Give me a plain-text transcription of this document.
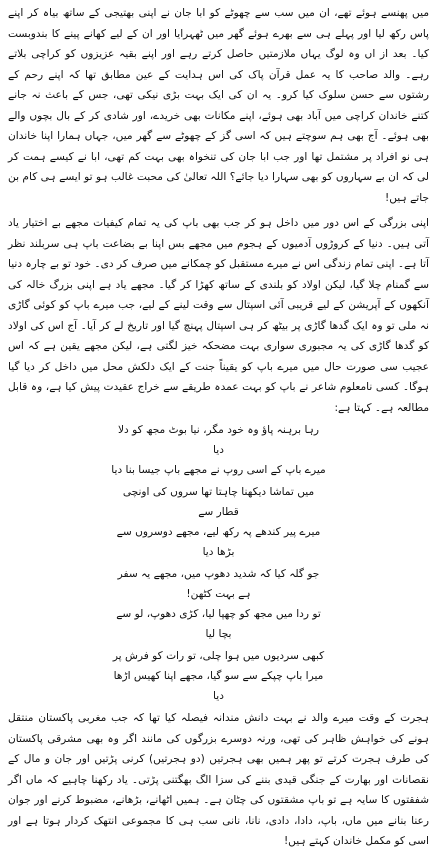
میں پھنسے ہوئے تھے، ان میں سب سے چھوٹے کو ابا جان نے اپنی بھتیجی کے ساتھ بیاہ کر اپنے پاس رکھ لیا اور پہلے ہی سے بھرے ہوئے گھر میں ٹھہرایا اور ان کے لیے کھانے پینے کا بندوبست کیا۔ بعد از اں وہ لوگ یہاں ملازمتیں حاصل کرتے رہے اور اپنے بقیہ عزیزوں کو کراچی بلاتے رہے۔ والد صاحب کا یہ عمل قرآن پاک کی اس ہدایت کے عین مطابق تھا کہ اپنے رحم کے رشتوں سے حسن سلوک کیا کرو۔ یہ ان کی ایک بہت بڑی نیکی تھی، جس کے باعث نہ جانے کتنے خاندان کراچی میں آباد بھی ہوئے، اپنے مکانات بھی خریدے، اور شادی کر کے بال بچوں والے بھی ہوئے۔ آج بھی ہم سوچتے ہیں کہ اسی گز کے چھوٹے سے گھر میں، جہاں ہمارا اپنا خاندان ہی نو افراد پر مشتمل تھا اور جب ابا جان کی تنخواہ بھی بہت کم تھی، ابا نے کیسے ہمت کر لی کہ ان بے سہاروں کو بھی سہارا دیا جائے؟ اللہ تعالیٰ کی محبت غالب ہو تو ایسے ہی کام بن جاتے ہیں!

اپنی بزرگی کے اس دور میں داخل ہو کر جب بھی باپ کی یہ تمام کیفیات مجھے بے اختیار یاد آتی ہیں۔ دنیا کے کروڑوں آدمیوں کے ہجوم میں مجھے بس اپنا بے بضاعت باپ ہی سربلند نظر آتا ہے۔ اپنی تمام زندگی اس نے میرے مستقبل کو چمکانے میں صرف کر دی۔ خود تو بے چارہ دنیا سے گمنام چلا گیا، لیکن اولاد کو بلندی کے ساتھ کھڑا کر گیا۔ مجھے یاد ہے اپنی بزرگ خالہ کی آنکھوں کے آپریشن کے لیے قریبی آئی اسپتال سے وقت لینے کے لیے، جب میرے باپ کو کوئی گاڑی نہ ملی تو وہ ایک گدھا گاڑی پر بیٹھ کر ہی اسپتال پہنچ گیا اور تاریخ لے کر آیا۔ آج اس کی اولاد کو گدھا گاڑی کی یہ مجبوری سواری بہت مضحکہ خیز لگتی ہے، لیکن مجھے یقین ہے کہ اس عجیب سی صورت حال میں میرے باپ کو یقیناً جنت کے ایک دلکش محل میں داخل کر دیا گیا ہوگا۔ کسی نامعلوم شاعر نے باپ کو بہت عمدہ طریقے سے خراج عقیدت پیش کیا ہے، وہ قابل مطالعہ ہے۔ کہتا ہے:

رہا برہنہ پاؤ وہ خود مگر، نیا بوٹ مجھ کو دلا دیا

میرے باپ کے اسی روپ نے مجھے باپ جیسا بنا دیا

میں تماشا دیکھنا چاہتا تھا سروں کی اونچی قطار سے

میرے پیر کندھے پہ رکھ لیے، مجھے دوسروں سے بڑھا دیا

جو گلہ کیا کہ شدید دھوپ میں، مجھے یہ سفر ہے بہت کٹھن!

تو ردا میں مجھ کو چھپا لیا، کڑی دھوپ، لو سے بچا لیا

کبھی سردیوں میں ہوا چلی، تو رات کو فرش پر

میرا باپ چپکے سے سو گیا، مجھے اپنا کھیس اڑھا دیا

ہجرت کے وقت میرے والد نے بہت دانش مندانہ فیصلہ کیا تھا کہ جب مغربی پاکستان منتقل ہونے کی خواہش ظاہر کی تھی، ورنہ دوسرے بزرگوں کی مانند اگر وہ بھی مشرقی پاکستان کی طرف ہجرت کرتے تو پھر ہمیں بھی ہجرتیں (دو ہجرتیں) کرنی پڑتیں اور جان و مال کے نقصانات اور بھارت کے جنگی قیدی بننے کی سزا الگ بھگتنی پڑتی۔ یاد رکھنا چاہیے کہ ماں اگر شفقتوں کا سایہ ہے تو باپ مشقتوں کی چٹان ہے۔ ہمیں اٹھانے، بڑھانے، مضبوط کرنے اور جوان رعنا بنانے میں ماں، باپ، دادا، دادی، نانا، نانی سب ہی کا مجموعی انتھک کردار ہوتا ہے اور اسی کو مکمل خاندان کہتے ہیں!
